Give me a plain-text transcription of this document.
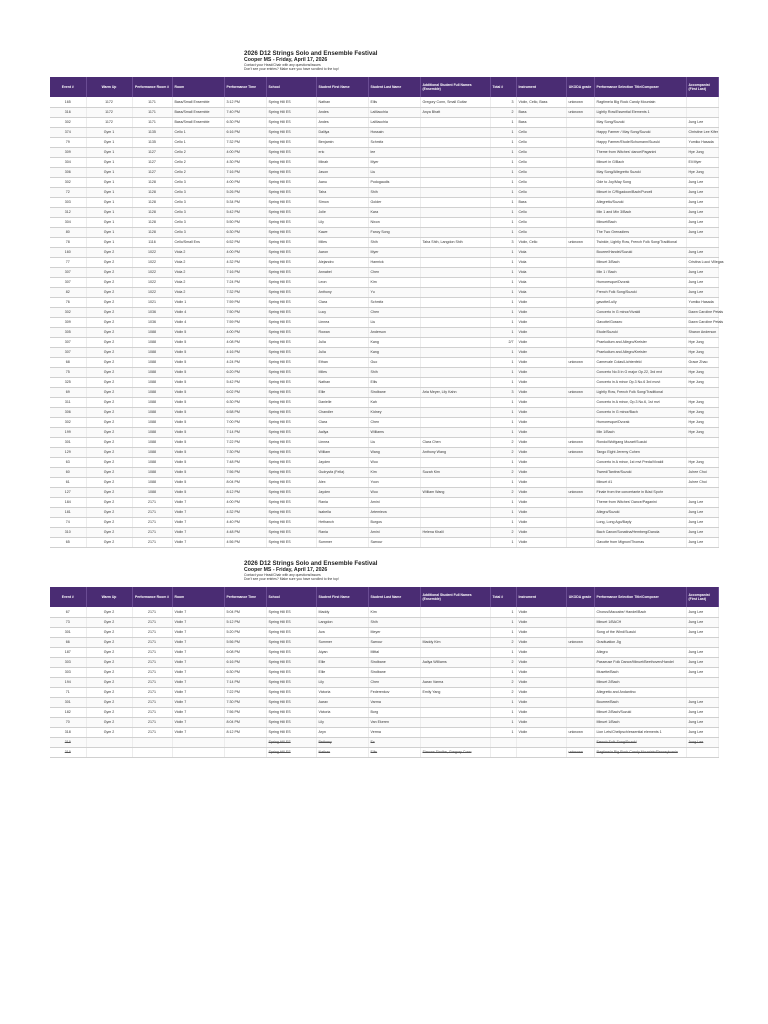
2026 D12 Strings Solo and Ensemble Festival
Cooper MS - Friday, April 17, 2026
Contact your Head/Chair with any questions/issues
Don't see your entries? Make sure you have scrolled to the top!
Event #	Warm Up	Performance Room #	Room	Performance Time	School	Student First Name	Student Last Name	Additional Student Full Names (Ensemble)	Total #	Instrument	UKODA grade	Performance Selection Title/Composer	Accompanist (First Last)
165	1172	1171	Bass/Small Ensemble	3:12 PM	Spring Hill ES	Nathan	Ellis	Gregory Conn, Small Guitar	3	Violin, Cello, Bass	unknown	Ragtime/a Big Rock Candy Mountain	
316	1172	1171	Bass/Small Ensemble	7:40 PM	Spring Hill ES	Andes	LaMacchia	Anya Bhatt	2	Bass	unknown	Lightly Row/Essential Elements 1	
302	1172	1171	Bass/Small Ensemble	6:30 PM	Spring Hill ES	Andes	LaMacchia		1	Bass		May Song/Suzuki	Jung Lee
374	Gym 1	1135	Cello 1	6:16 PM	Spring Hill ES	Dalilya	Hossain		1	Cello		Happy Farmer / May Song/Suzuki	Christine Lee Kifer
79	Gym 1	1135	Cello 1	7:32 PM	Spring Hill ES	Benjamin	Schmitz		1	Cello		Happy Farmer/Etude/Schumann/Suzuki	Yumiko Hasada
309	Gym 1	1127	Cello 2	4:00 PM	Spring Hill ES	eric	lee		1	Cello		Theme from Witches' dance/Paganini	Hye Jung
304	Gym 1	1127	Cello 2	4:30 PM	Spring Hill ES	Minah	Myer		1	Cello		Minuet in G/Bach	Eli Myer
306	Gym 1	1127	Cello 2	7:16 PM	Spring Hill ES	Jason	Liu		1	Cello		May Song/Allegretto Suzuki	Hye Jung
302	Gym 1	1128	Cello 3	4:00 PM	Spring Hill ES	Aanu	Podogaudis		1	Cello		Ode to Joy/May Song	Jung Lee
72	Gym 1	1128	Cello 3	5:26 PM	Spring Hill ES	Taha	Shih		1	Cello		Minuet in C/Rigadoon/Bach/Purcell	Jung Lee
303	Gym 1	1128	Cello 3	5:34 PM	Spring Hill ES	Simon	Golder		1	Bass		Allegretto/Suzuki	Jung Lee
312	Gym 1	1128	Cello 3	5:42 PM	Spring Hill ES	Jolie	Kara		1	Cello		Min 1 and Min 3/Bach	Jung Lee
304	Gym 1	1128	Cello 3	5:50 PM	Spring Hill ES	Lily	Nixon		1	Cello		Minuet/Bach	Jung Lee
80	Gym 1	1128	Cello 3	6:30 PM	Spring Hill ES	Kawe	Fancy Song		1	Cello		The Two Grenadiers	Jung Lee
78	Gym 1	1116	Cello/Small Ens	6:52 PM	Spring Hill ES	Miles	Shih	Taha Shih, Langdon Shih	3	Violin, Cello	unknown	Twinkle, Lightly Row, French Folk Song/Traditional	
160	Gym 2	1022	Viola 2	4:00 PM	Spring Hill ES	Aaron	Myer		1	Viola		Bouree/Handel/Suzuki	Jung Lee
77	Gym 2	1022	Viola 2	4:32 PM	Spring Hill ES	Alejandro	Hamrick		1	Viola		Minuet 3/Bach	Cristina Lucci Villegas
307	Gym 2	1022	Viola 2	7:16 PM	Spring Hill ES	Annabel	Chen		1	Viola		Min 1 / Bach	Jung Lee
307	Gym 2	1022	Viola 2	7:24 PM	Spring Hill ES	Leon	Kim		1	Viola		Humoresque/Dvorak	Jung Lee
82	Gym 2	1022	Viola 2	7:32 PM	Spring Hill ES	Anthony	Yu		1	Viola		French Folk Song/Suzuki	Jung Lee
76	Gym 2	1021	Violin 1	7:59 PM	Spring Hill ES	Clara	Schmitz		1	Violin		gavotte/Lully	Yumiko Hasada
302	Gym 2	1036	Violin 4	7:50 PM	Spring Hill ES	Lucy	Chen		1	Violin		Concerto in G minor/Vivaldi	Dawn Caroline Petals
309	Gym 2	1036	Violin 4	7:59 PM	Spring Hill ES	Linnea	Liu		1	Violin		Gavotte/Gossec	Dawn Caroline Petals
305	Gym 2	1088	Violin 5	4:00 PM	Spring Hill ES	Rowan	Anderson		1	Violin		Etude/Suzuki	Sharon Anderson
307	Gym 2	1088	Violin 5	4:08 PM	Spring Hill ES	Julia	Kang		2/7	Violin		Praeludium and Allegro/Kreisler	Hye Jung
307	Gym 2	1088	Violin 5	4:16 PM	Spring Hill ES	Julia	Kang		1	Violin		Praeludium and Allegro/Kreisler	Hye Jung
68	Gym 2	1088	Violin 5	4:24 PM	Spring Hill ES	Ethan	Guo		1	Violin	unknown	Carnevale Colas/Lichtenfeld	Grace Zhao
75	Gym 2	1088	Violin 5	6:20 PM	Spring Hill ES	Miles	Shih		1	Violin		Concerto No.5 in G major Op.22, 3rd mvt	Hye Jung
325	Gym 2	1088	Violin 5	5:42 PM	Spring Hill ES	Nathan	Ellis		1	Violin		Concerto in A minor Op.3 No.6 3rd movt	Hye Jung
69	Gym 2	1088	Violin 5	6:02 PM	Spring Hill ES	Ellie	Sindbane	Aria Meyer, Lily Kahn	3	Violin	unknown	Lightly Row, French Folk Song/Traditional	
311	Gym 2	1088	Violin 5	6:30 PM	Spring Hill ES	Danielle	Kah		1	Violin		Concerto in A minor, Op.3 No.6, 1st mvt	Hye Jung
306	Gym 2	1088	Violin 5	6:58 PM	Spring Hill ES	Chandler	Kidney		1	Violin		Concerto in G minor/Bach	Hye Jung
302	Gym 2	1088	Violin 5	7:00 PM	Spring Hill ES	Clara	Chen		1	Violin		Humoresque/Dvorak	Hye Jung
199	Gym 2	1088	Violin 5	7:14 PM	Spring Hill ES	Aaliya	Williams		1	Violin		Min 1/Bach	Hye Jung
301	Gym 2	1088	Violin 5	7:22 PM	Spring Hill ES	Linnea	Liu	Clara Chen	2	Violin	unknown	Rondo/Wolfgang Mozart/Suzuki	
129	Gym 2	1088	Violin 5	7:30 PM	Spring Hill ES	William	Wang	Anthony Wang	2	Violin	unknown	Tango Eight Jeremy Cohen	
63	Gym 2	1088	Violin 5	7:48 PM	Spring Hill ES	Jayden	Woo		1	Violin		Concerto in A minor, 1st mvt Preda/Vivaldi	Hye Jung
60	Gym 2	1088	Violin 5	7:56 PM	Spring Hill ES	Gudrysfa (Fella)	Kim	Suzah Kim	2	Violin		Tweed/Tantine/Suzuki	Juhee Choi
61	Gym 2	1088	Violin 5	8:04 PM	Spring Hill ES	Alex	Yoon		1	Violin		Minuet #1	Juhee Choi
127	Gym 2	1088	Violin 5	8:12 PM	Spring Hill ES	Jayden	Woo	William Wang	2	Violin	unknown	Finale from the concertante in B/ad Spohr	
184	Gym 2	2171	Violin 7	4:00 PM	Spring Hill ES	Rania	Amini		1	Violin		Theme from Witches' Dance/Paganini	Jung Lee
181	Gym 2	2171	Violin 7	4:32 PM	Spring Hill ES	Isabella	Artemieva		1	Violin		Allegro/Suzuki	Jung Lee
74	Gym 2	2171	Violin 7	4:40 PM	Spring Hill ES	Hethanch	Burgos		1	Violin		Long, Long Ago/Bayly	Jung Lee
310	Gym 2	2171	Violin 7	4:48 PM	Spring Hill ES	Rania	Amini	Helena Khalil	2	Violin		Bach Canon/Sonatina/Hemberg/Danclа	Jung Lee
65	Gym 2	2171	Violin 7	4:56 PM	Spring Hill ES	Summer	Sarrour		1	Violin		Gavotte from Mignon/Thomas	Jung Lee
2026 D12 Strings Solo and Ensemble Festival
Cooper MS - Friday, April 17, 2026
Contact your Head/Chair with any questions/issues
Don't see your entries? Make sure you have scrolled to the top!
Event #	Warm Up	Performance Room #	Room	Performance Time	School	Student First Name	Student Last Name	Additional Student Full Names (Ensemble)	Total #	Instrument	UKODA grade	Performance Selection Title/Composer	Accompanist (First Last)
67	Gym 2	2171	Violin 7	5:04 PM	Spring Hill ES	Maddy	Kim		1	Violin		Chorus/Maccabe/ Handel/Bach	Jung Lee
73	Gym 2	2171	Violin 7	5:12 PM	Spring Hill ES	Langdon	Shih		1	Violin		Minuet 1/BACH	Jung Lee
301	Gym 2	2171	Violin 7	5:20 PM	Spring Hill ES	Ava	Meyer		1	Violin		Song of the Wind/Suzuki	Jung Lee
66	Gym 2	2171	Violin 7	5:56 PM	Spring Hill ES	Summer	Sarrour	Maddy Kim	2	Violin	unknown	Gradtuation Jig	
187	Gym 2	2171	Violin 7	6:08 PM	Spring Hill ES	Aiyan	Mittal		1	Violin		Allegro	Jung Lee
303	Gym 2	2171	Violin 7	6:16 PM	Spring Hill ES	Ellie	Sindbane	Aaliya Williams	2	Violin		Passeuse Folk Dance/Minuet/Beethoven/Handel	Jung Lee
303	Gym 2	2171	Violin 7	6:30 PM	Spring Hill ES	Ellie	Sindbane		1	Violin		Musette/Bach	Jung Lee
194	Gym 2	2171	Violin 7	7:14 PM	Spring Hill ES	Lily	Chen	Aarav Varma	2	Violin		Minuet 2/Bach	
71	Gym 2	2171	Violin 7	7:22 PM	Spring Hill ES	Victoria	Federenkov	Emily Yang	2	Violin		Allegretto and Andantino	
301	Gym 2	2171	Violin 7	7:30 PM	Spring Hill ES	Aarav	Varma		1	Violin		Bourree/Bach	Jung Lee
182	Gym 2	2171	Violin 7	7:56 PM	Spring Hill ES	Victoria	Borg		1	Violin		Minuet 2/Bach/Suzuki	Jung Lee
70	Gym 2	2171	Violin 7	8:04 PM	Spring Hill ES	Lily	Van Ekeren		1	Violin		Minuet 1/Bach	Jung Lee
318	Gym 2	2171	Violin 7	8:12 PM	Spring Hill ES	Aryn	Verma		1	Violin	unknown	Lion Lets/Chelipsch/essential elements 1	Jung Lee
319					Spring Hill ES	Bethany	Ex					French Folk Song/Suzuki	Jung Lee
319					Spring Hill ES	Nathan	Ellis	Simona Sindbe, Gregory Conn			unknown	Ragtime/a Big Rock Candy Mountain/Pennsylvania	
